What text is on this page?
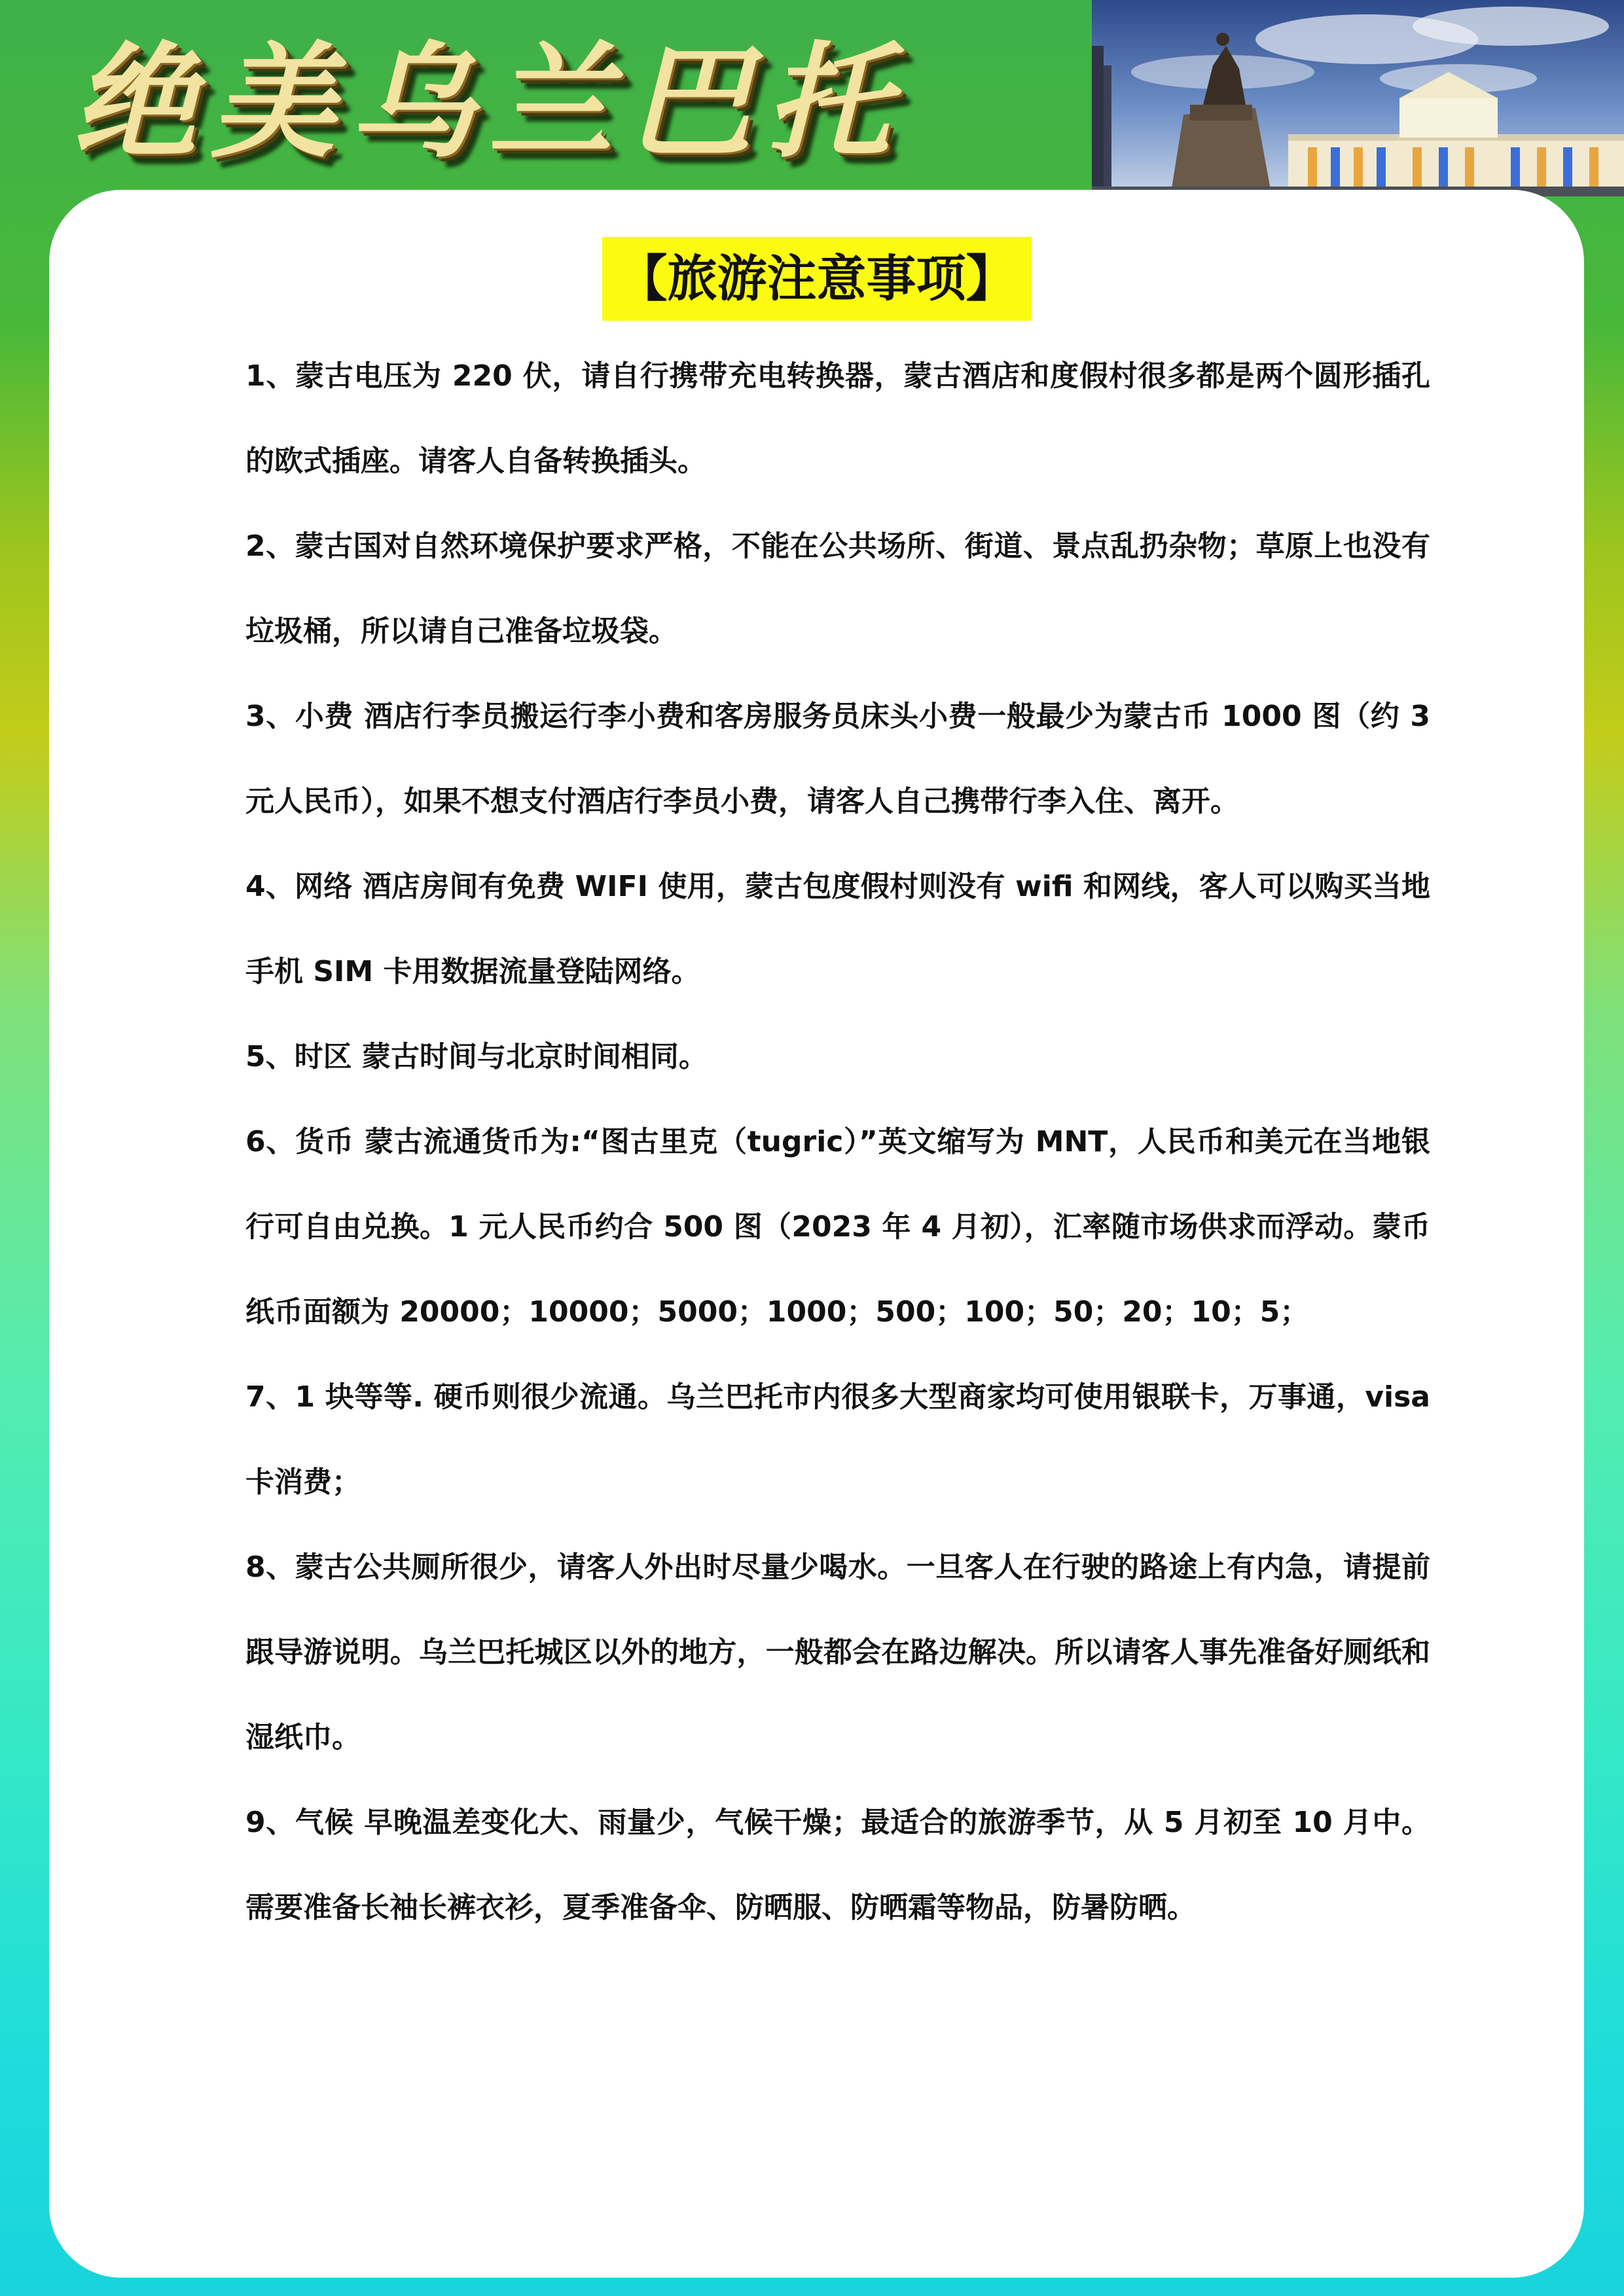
绝美乌兰巴托
【旅游注意事项】

1、蒙古电压为 220 伏，请自行携带充电转换器，蒙古酒店和度假村很多都是两个圆形插孔的欧式插座。请客人自备转换插头。

2、蒙古国对自然环境保护要求严格，不能在公共场所、街道、景点乱扔杂物；草原上也没有垃圾桶，所以请自己准备垃圾袋。

3、小费 酒店行李员搬运行李小费和客房服务员床头小费一般最少为蒙古币 1000 图（约 3 元人民币），如果不想支付酒店行李员小费，请客人自己携带行李入住、离开。

4、网络 酒店房间有免费 WIFI 使用，蒙古包度假村则没有 wifi 和网线，客人可以购买当地手机 SIM 卡用数据流量登陆网络。

5、时区 蒙古时间与北京时间相同。

6、货币 蒙古流通货币为:“图古里克（tugric）”英文缩写为 MNT，人民币和美元在当地银行可自由兑换。1 元人民币约合 500 图（2023 年 4 月初），汇率随市场供求而浮动。蒙币纸币面额为 20000；10000；5000；1000；500；100；50；20；10；5；

7、1 块等等. 硬币则很少流通。乌兰巴托市内很多大型商家均可使用银联卡，万事通，visa 卡消费；

8、蒙古公共厕所很少，请客人外出时尽量少喝水。一旦客人在行驶的路途上有内急，请提前跟导游说明。乌兰巴托城区以外的地方，一般都会在路边解决。所以请客人事先准备好厕纸和湿纸巾。

9、气候 早晚温差变化大、雨量少，气候干燥；最适合的旅游季节，从 5 月初至 10 月中。 需要准备长袖长裤衣衫，夏季准备伞、防晒服、防晒霜等物品，防暑防晒。
